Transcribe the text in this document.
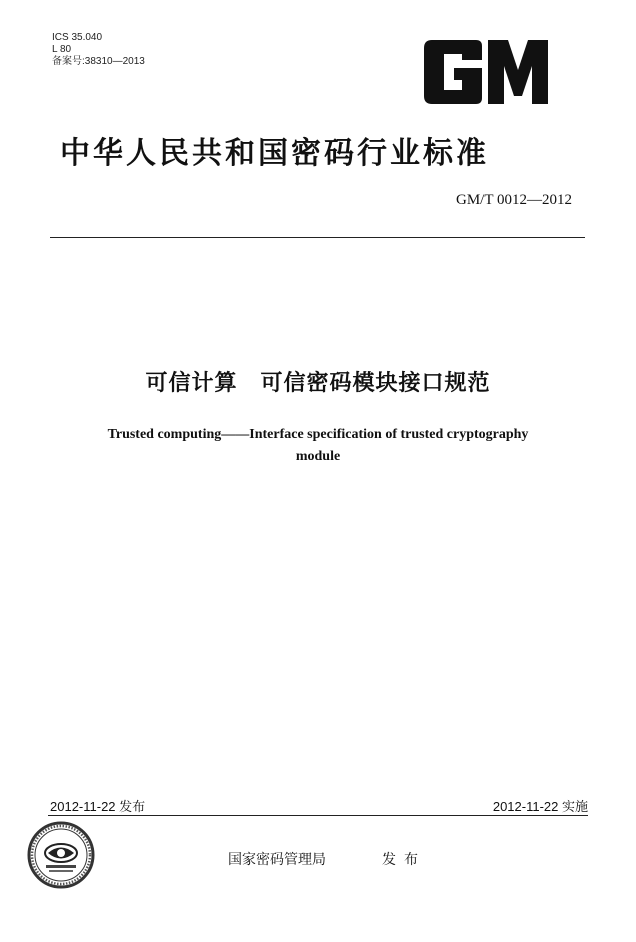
ICS 35.040
L 80
备案号:38310—2013
中华人民共和国密码行业标准
GM/T 0012—2012
可信计算　可信密码模块接口规范
Trusted computing——Interface specification of trusted cryptography
module
2012-11-22 发布	2012-11-22 实施
国家密码管理局	发布
